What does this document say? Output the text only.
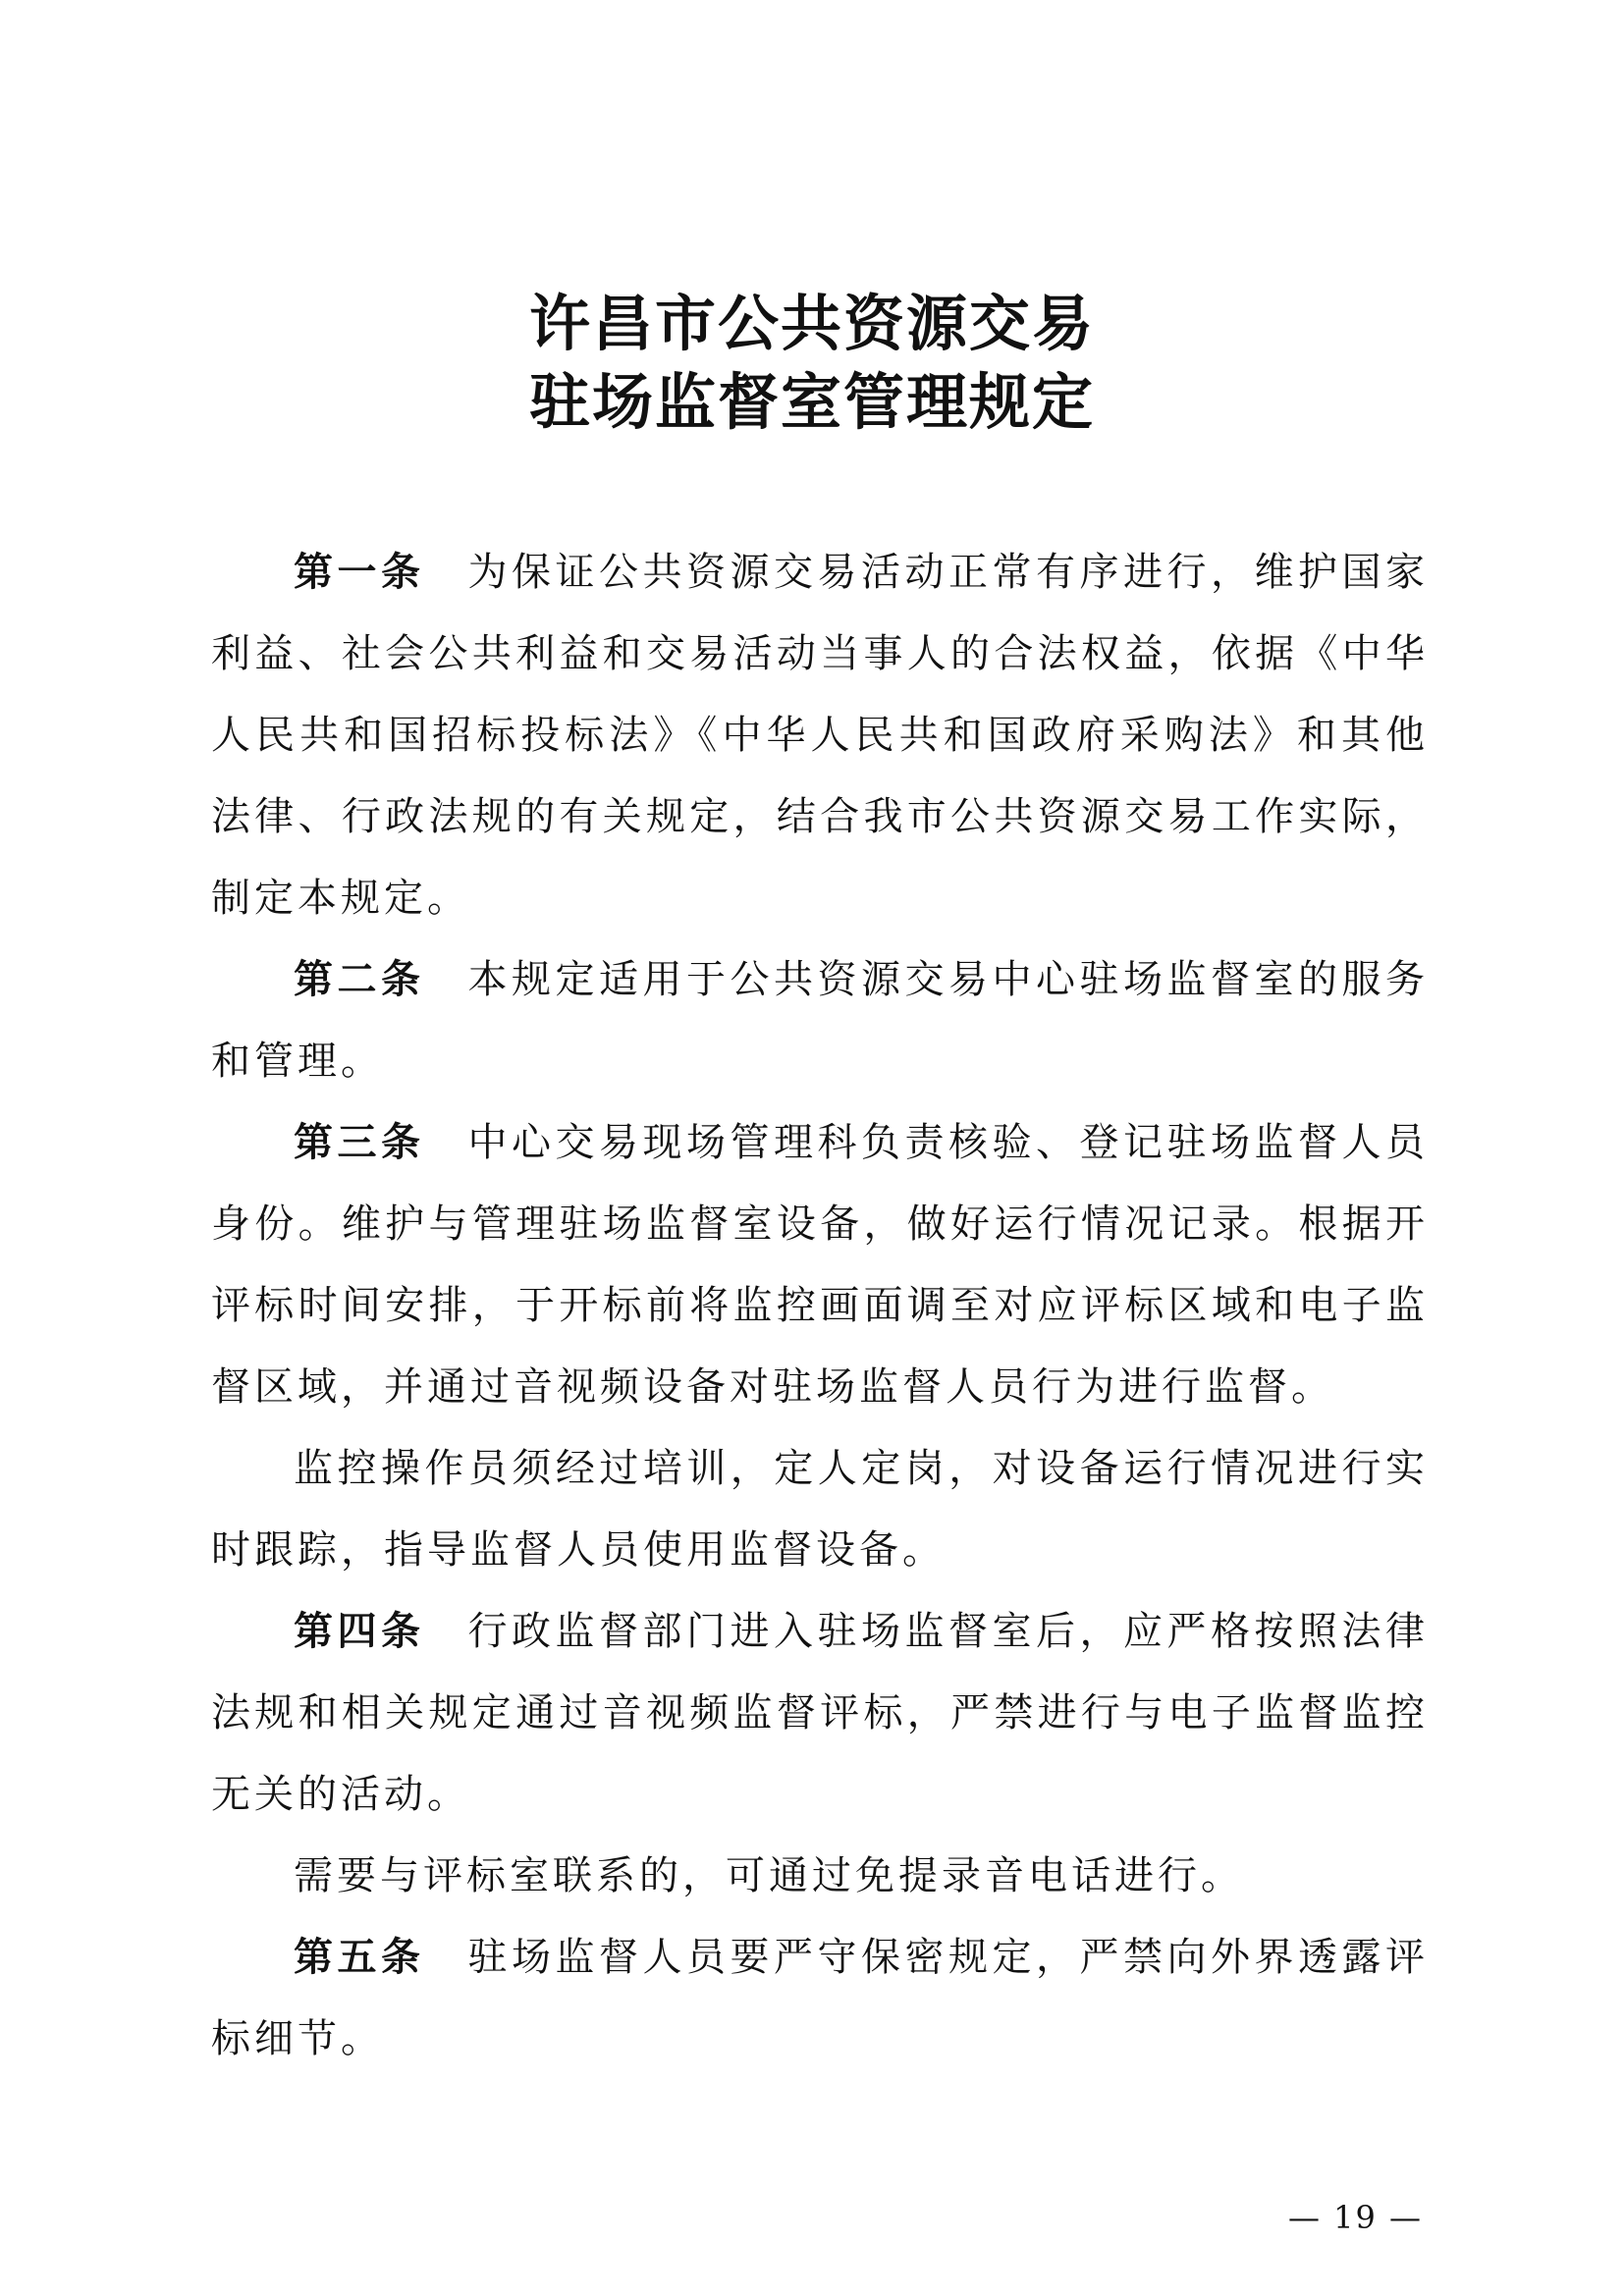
许昌市公共资源交易
驻场监督室管理规定

第一条 为保证公共资源交易活动正常有序进行，维护国家利益、社会公共利益和交易活动当事人的合法权益，依据《中华人民共和国招标投标法》《中华人民共和国政府采购法》和其他法律、行政法规的有关规定，结合我市公共资源交易工作实际，制定本规定。

第二条 本规定适用于公共资源交易中心驻场监督室的服务和管理。

第三条 中心交易现场管理科负责核验、登记驻场监督人员身份。维护与管理驻场监督室设备，做好运行情况记录。根据开评标时间安排，于开标前将监控画面调至对应评标区域和电子监督区域，并通过音视频设备对驻场监督人员行为进行监督。

监控操作员须经过培训，定人定岗，对设备运行情况进行实时跟踪，指导监督人员使用监督设备。

第四条 行政监督部门进入驻场监督室后，应严格按照法律法规和相关规定通过音视频监督评标，严禁进行与电子监督监控无关的活动。

需要与评标室联系的，可通过免提录音电话进行。

第五条 驻场监督人员要严守保密规定，严禁向外界透露评标细节。

— 19 —
